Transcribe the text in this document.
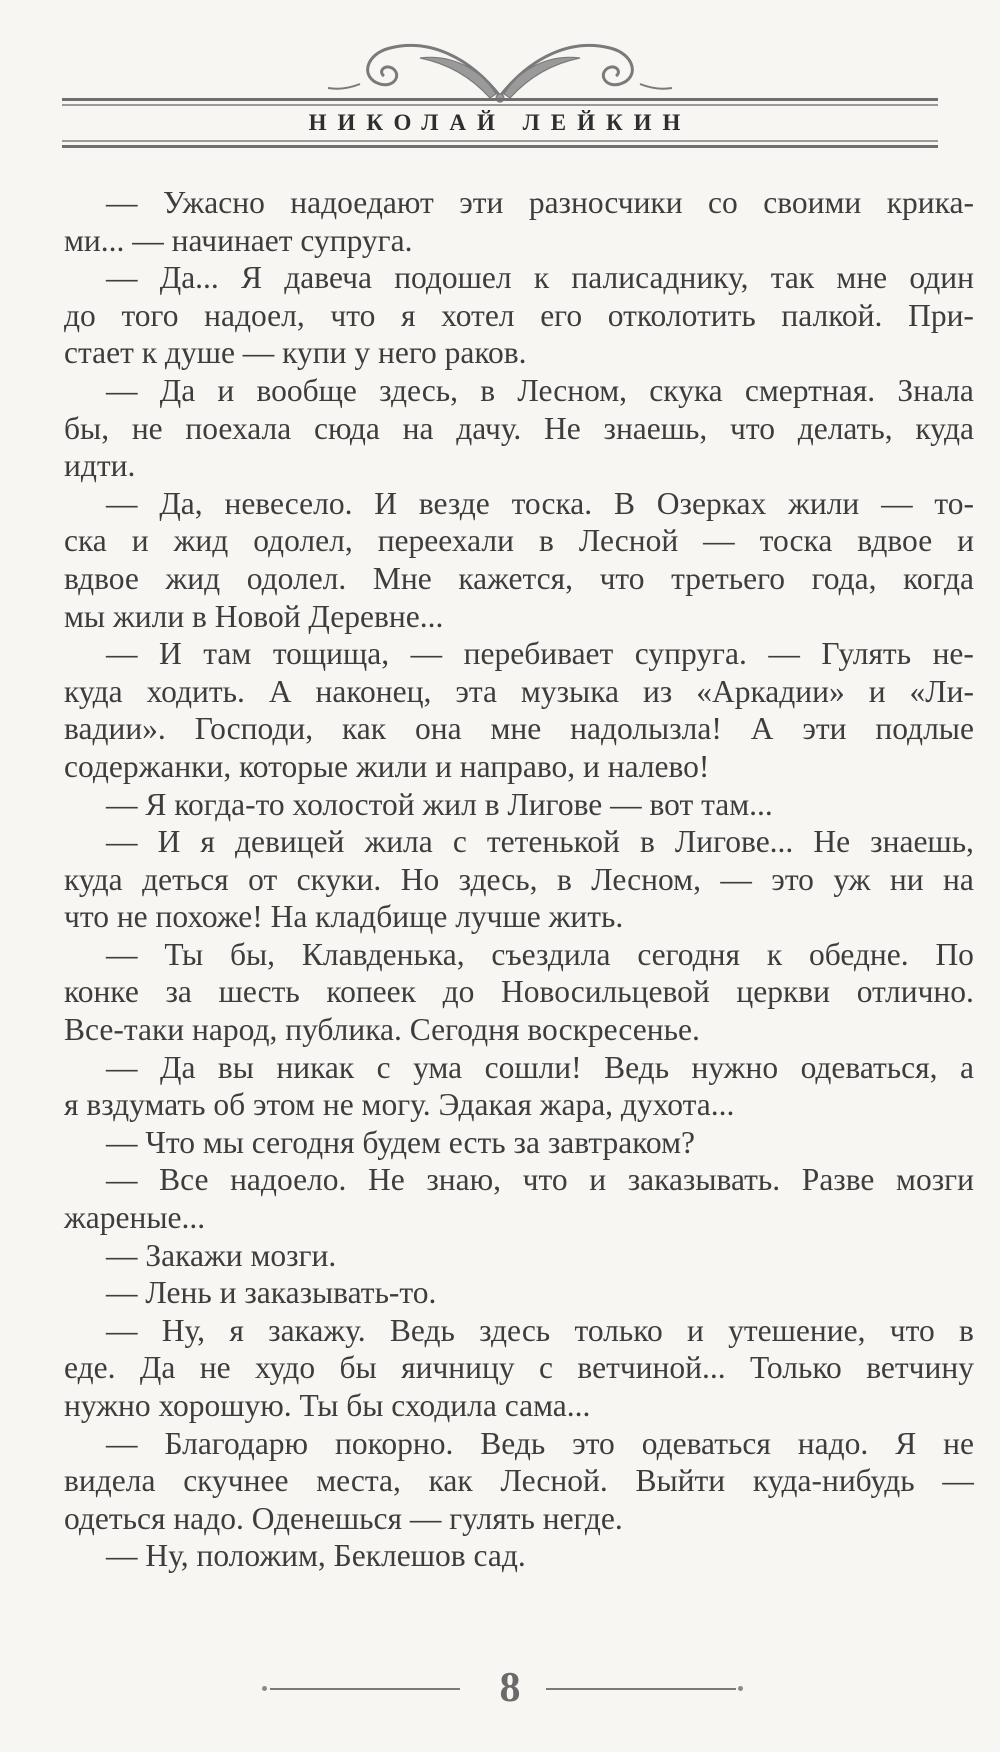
НИКОЛАЙ ЛЕЙКИН
— Ужасно надоедают эти разносчики со своими крика-
ми... — начинает супруга.
— Да... Я давеча подошел к палисаднику, так мне один
до того надоел, что я хотел его отколотить палкой. При-
стает к душе — купи у него раков.
— Да и вообще здесь, в Лесном, скука смертная. Знала
бы, не поехала сюда на дачу. Не знаешь, что делать, куда
идти.
— Да, невесело. И везде тоска. В Озерках жили — то-
ска и жид одолел, переехали в Лесной — тоска вдвое и
вдвое жид одолел. Мне кажется, что третьего года, когда
мы жили в Новой Деревне...
— И там тощища, — перебивает супруга. — Гулять не-
куда ходить. А наконец, эта музыка из «Аркадии» и «Ли-
вадии». Господи, как она мне надолызла! А эти подлые
содержанки, которые жили и направо, и налево!
— Я когда-то холостой жил в Лигове — вот там...
— И я девицей жила с тетенькой в Лигове... Не знаешь,
куда деться от скуки. Но здесь, в Лесном, — это уж ни на
что не похоже! На кладбище лучше жить.
— Ты бы, Клавденька, съездила сегодня к обедне. По
конке за шесть копеек до Новосильцевой церкви отлично.
Все-таки народ, публика. Сегодня воскресенье.
— Да вы никак с ума сошли! Ведь нужно одеваться, а
я вздумать об этом не могу. Эдакая жара, духота...
— Что мы сегодня будем есть за завтраком?
— Все надоело. Не знаю, что и заказывать. Разве мозги
жареные...
— Закажи мозги.
— Лень и заказывать-то.
— Ну, я закажу. Ведь здесь только и утешение, что в
еде. Да не худо бы яичницу с ветчиной... Только ветчину
нужно хорошую. Ты бы сходила сама...
— Благодарю покорно. Ведь это одеваться надо. Я не
видела скучнее места, как Лесной. Выйти куда-нибудь —
одеться надо. Оденешься — гулять негде.
— Ну, положим, Беклешов сад.
8
